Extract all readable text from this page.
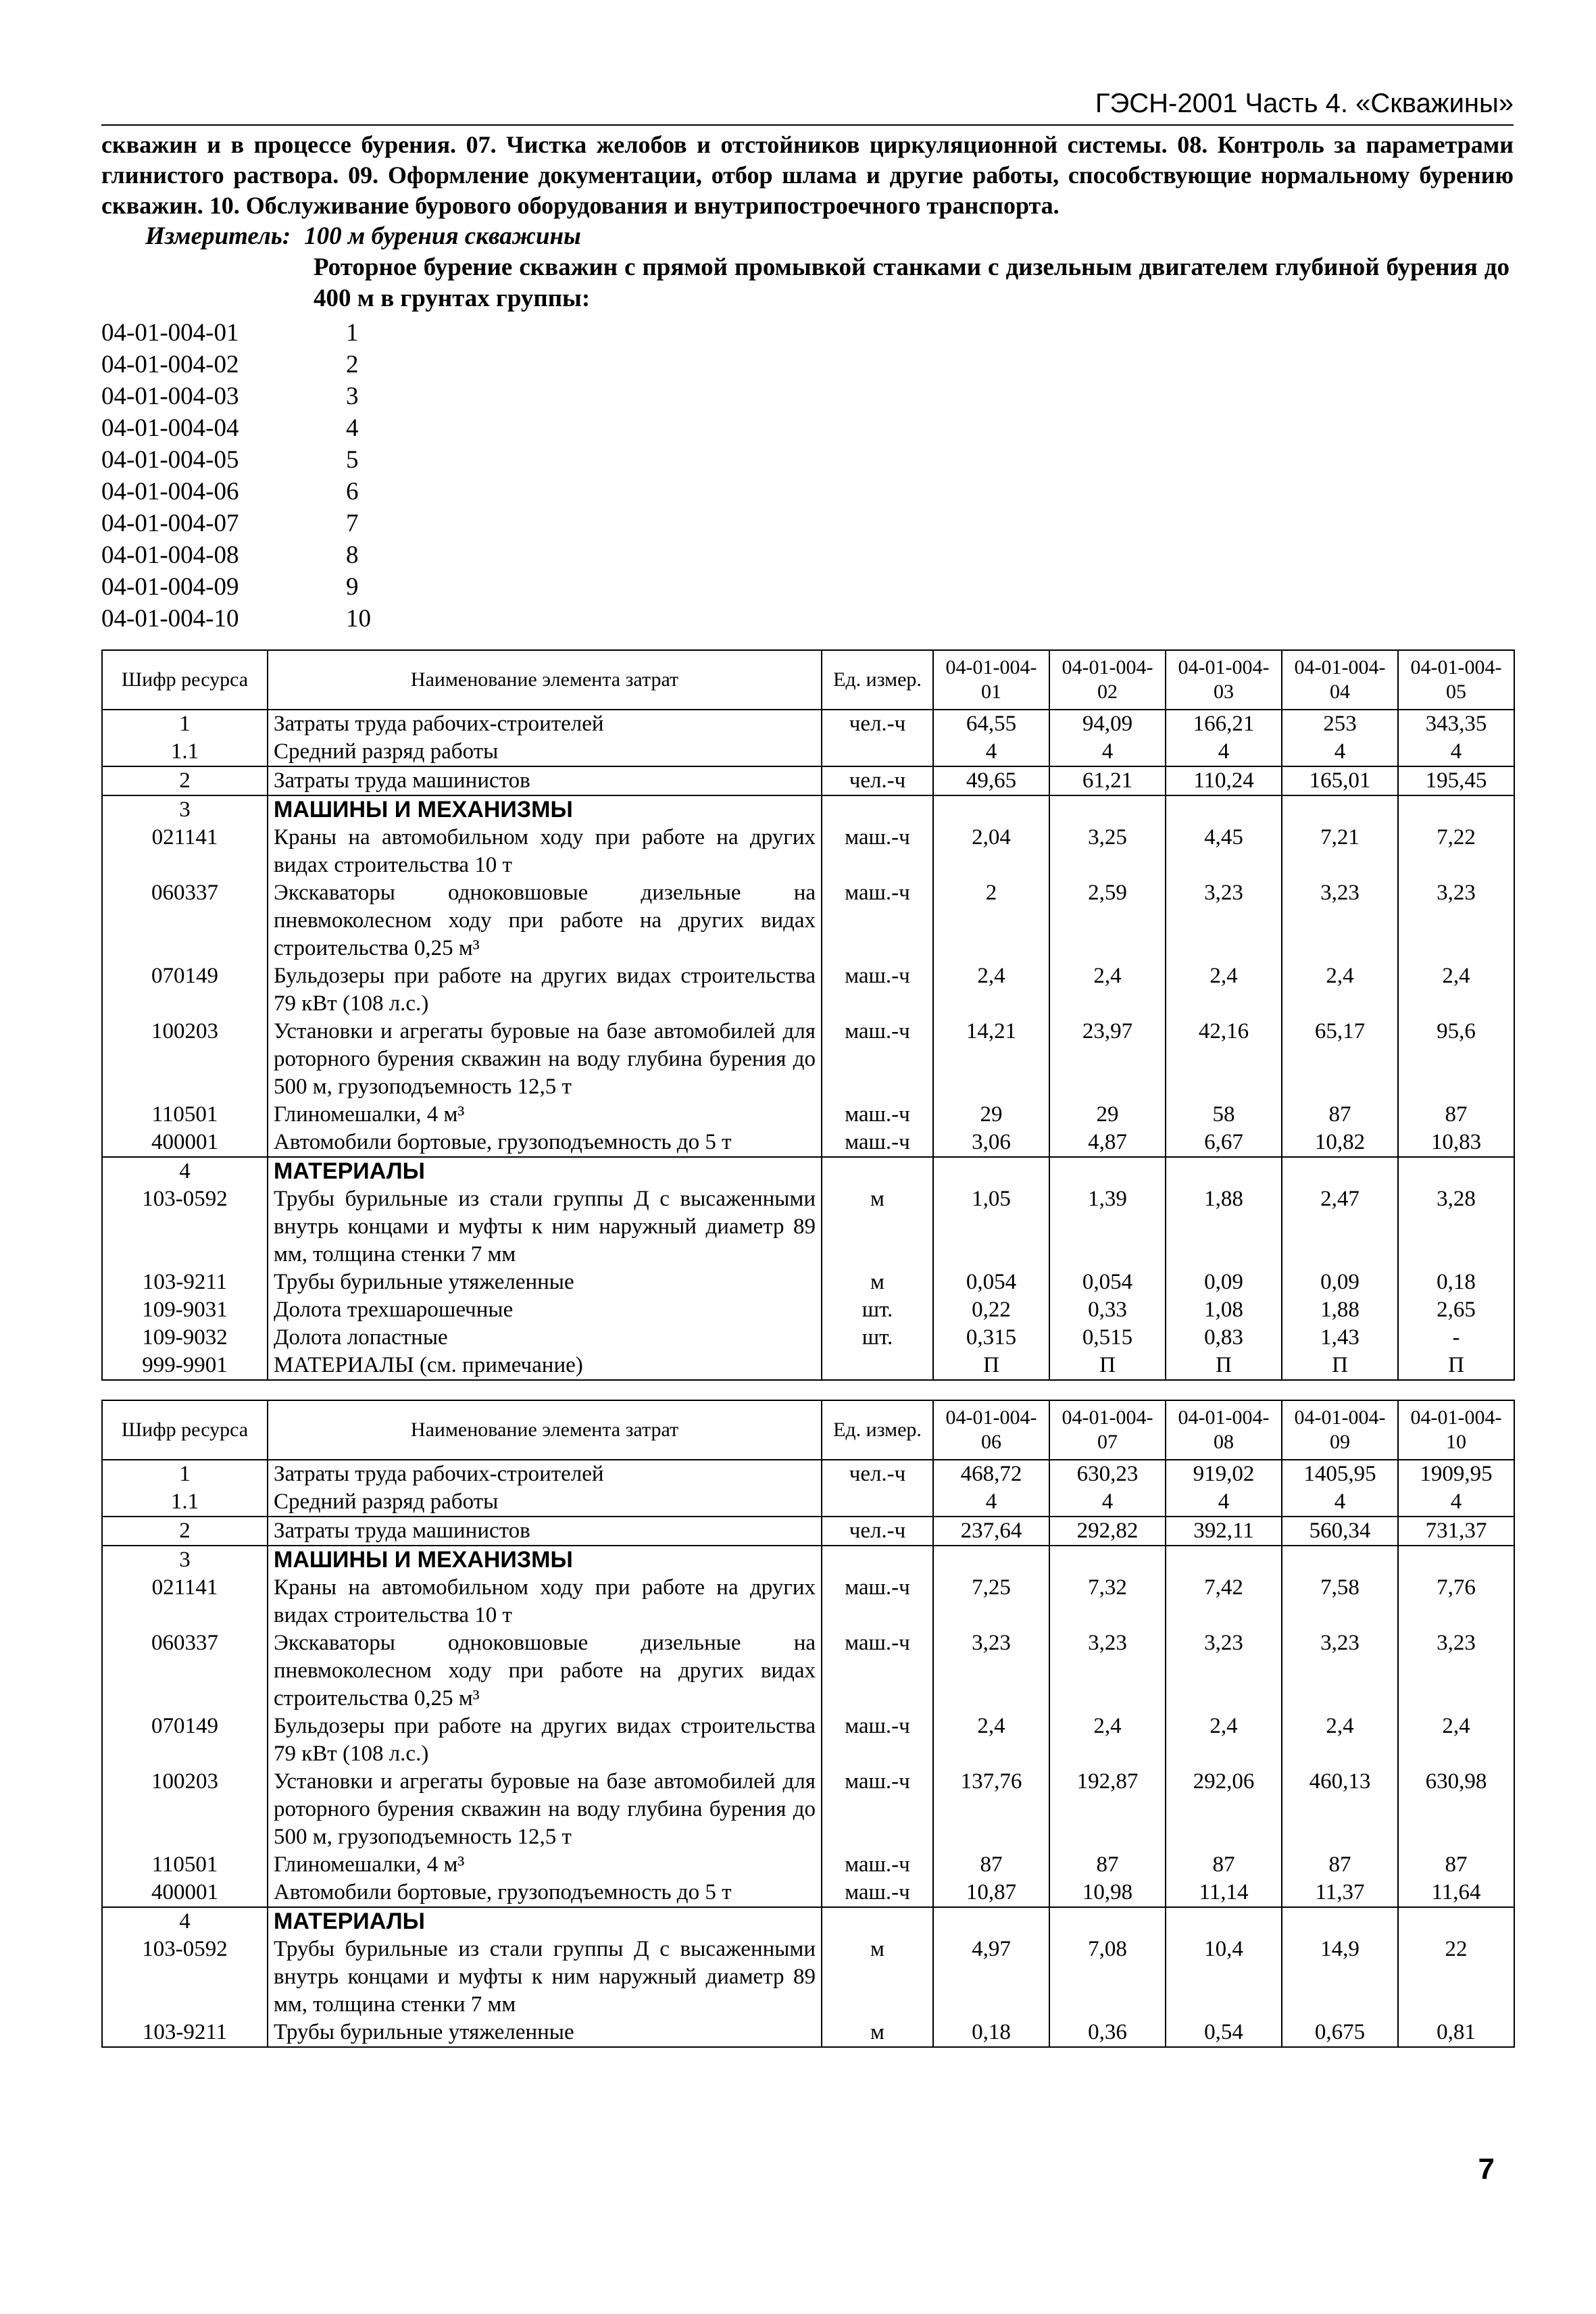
ГЭСН-2001 Часть 4. «Скважины»
скважин и в процессе бурения. 07. Чистка желобов и отстойников циркуляционной системы. 08. Контроль за параметрами глинистого раствора. 09. Оформление документации, отбор шлама и другие работы, способствующие нормальному бурению скважин. 10. Обслуживание бурового оборудования и внутрипостроечного транспорта.
Измеритель: 100 м бурения скважины
Роторное бурение скважин с прямой промывкой станками с дизельным двигателем глубиной бурения до 400 м в грунтах группы:
04-01-004-01	1
04-01-004-02	2
04-01-004-03	3
04-01-004-04	4
04-01-004-05	5
04-01-004-06	6
04-01-004-07	7
04-01-004-08	8
04-01-004-09	9
04-01-004-10	10
Шифр ресурса	Наименование элемента затрат	Ед. измер.	04-01-004-01	04-01-004-02	04-01-004-03	04-01-004-04	04-01-004-05
1	Затраты труда рабочих-строителей	чел.-ч	64,55	94,09	166,21	253	343,35
1.1	Средний разряд работы		4	4	4	4	4
2	Затраты труда машинистов	чел.-ч	49,65	61,21	110,24	165,01	195,45
3	МАШИНЫ И МЕХАНИЗМЫ						
021141	Краны на автомобильном ходу при работе на других видах строительства 10 т	маш.-ч	2,04	3,25	4,45	7,21	7,22
060337	Экскаваторы одноковшовые дизельные на пневмоколесном ходу при работе на других видах строительства 0,25 м³	маш.-ч	2	2,59	3,23	3,23	3,23
070149	Бульдозеры при работе на других видах строительства 79 кВт (108 л.с.)	маш.-ч	2,4	2,4	2,4	2,4	2,4
100203	Установки и агрегаты буровые на базе автомобилей для роторного бурения скважин на воду глубина бурения до 500 м, грузоподъемность 12,5 т	маш.-ч	14,21	23,97	42,16	65,17	95,6
110501	Глиномешалки, 4 м³	маш.-ч	29	29	58	87	87
400001	Автомобили бортовые, грузоподъемность до 5 т	маш.-ч	3,06	4,87	6,67	10,82	10,83
4	МАТЕРИАЛЫ						
103-0592	Трубы бурильные из стали группы Д с высаженными внутрь концами и муфты к ним наружный диаметр 89 мм, толщина стенки 7 мм	м	1,05	1,39	1,88	2,47	3,28
103-9211	Трубы бурильные утяжеленные	м	0,054	0,054	0,09	0,09	0,18
109-9031	Долота трехшарошечные	шт.	0,22	0,33	1,08	1,88	2,65
109-9032	Долота лопастные	шт.	0,315	0,515	0,83	1,43	-
999-9901	МАТЕРИАЛЫ (см. примечание)		П	П	П	П	П
Шифр ресурса	Наименование элемента затрат	Ед. измер.	04-01-004-06	04-01-004-07	04-01-004-08	04-01-004-09	04-01-004-10
1	Затраты труда рабочих-строителей	чел.-ч	468,72	630,23	919,02	1405,95	1909,95
1.1	Средний разряд работы		4	4	4	4	4
2	Затраты труда машинистов	чел.-ч	237,64	292,82	392,11	560,34	731,37
3	МАШИНЫ И МЕХАНИЗМЫ						
021141	Краны на автомобильном ходу при работе на других видах строительства 10 т	маш.-ч	7,25	7,32	7,42	7,58	7,76
060337	Экскаваторы одноковшовые дизельные на пневмоколесном ходу при работе на других видах строительства 0,25 м³	маш.-ч	3,23	3,23	3,23	3,23	3,23
070149	Бульдозеры при работе на других видах строительства 79 кВт (108 л.с.)	маш.-ч	2,4	2,4	2,4	2,4	2,4
100203	Установки и агрегаты буровые на базе автомобилей для роторного бурения скважин на воду глубина бурения до 500 м, грузоподъемность 12,5 т	маш.-ч	137,76	192,87	292,06	460,13	630,98
110501	Глиномешалки, 4 м³	маш.-ч	87	87	87	87	87
400001	Автомобили бортовые, грузоподъемность до 5 т	маш.-ч	10,87	10,98	11,14	11,37	11,64
4	МАТЕРИАЛЫ						
103-0592	Трубы бурильные из стали группы Д с высаженными внутрь концами и муфты к ним наружный диаметр 89 мм, толщина стенки 7 мм	м	4,97	7,08	10,4	14,9	22
103-9211	Трубы бурильные утяжеленные	м	0,18	0,36	0,54	0,675	0,81
7
